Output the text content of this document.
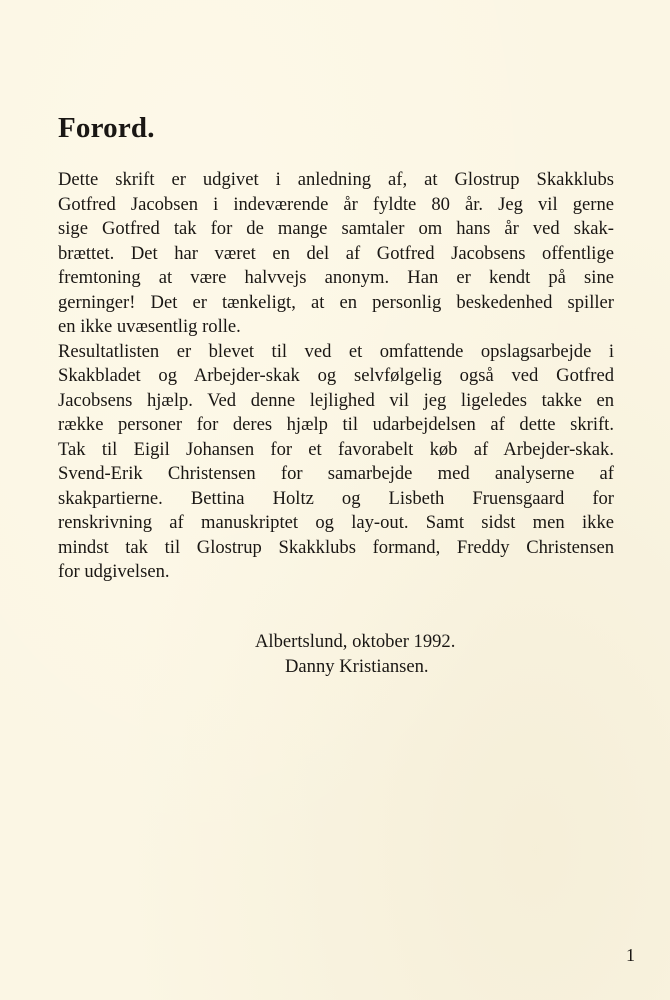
Forord.
Dette skrift er udgivet i anledning af, at Glostrup Skakklubs
Gotfred Jacobsen i indeværende år fyldte 80 år. Jeg vil gerne
sige Gotfred tak for de mange samtaler om hans år ved skak-
brættet. Det har været en del af Gotfred Jacobsens offentlige
fremtoning at være halvvejs anonym. Han er kendt på sine
gerninger! Det er tænkeligt, at en personlig beskedenhed spiller
en ikke uvæsentlig rolle.
Resultatlisten er blevet til ved et omfattende opslagsarbejde i
Skakbladet og Arbejder-skak og selvfølgelig også ved Gotfred
Jacobsens hjælp. Ved denne lejlighed vil jeg ligeledes takke en
række personer for deres hjælp til udarbejdelsen af dette skrift.
Tak til Eigil Johansen for et favorabelt køb af Arbejder-skak.
Svend-Erik Christensen for samarbejde med analyserne af
skakpartierne. Bettina Holtz og Lisbeth Fruensgaard for
renskrivning af manuskriptet og lay-out. Samt sidst men ikke
mindst tak til Glostrup Skakklubs formand, Freddy Christensen
for udgivelsen.
Albertslund, oktober 1992.
Danny Kristiansen.
1
